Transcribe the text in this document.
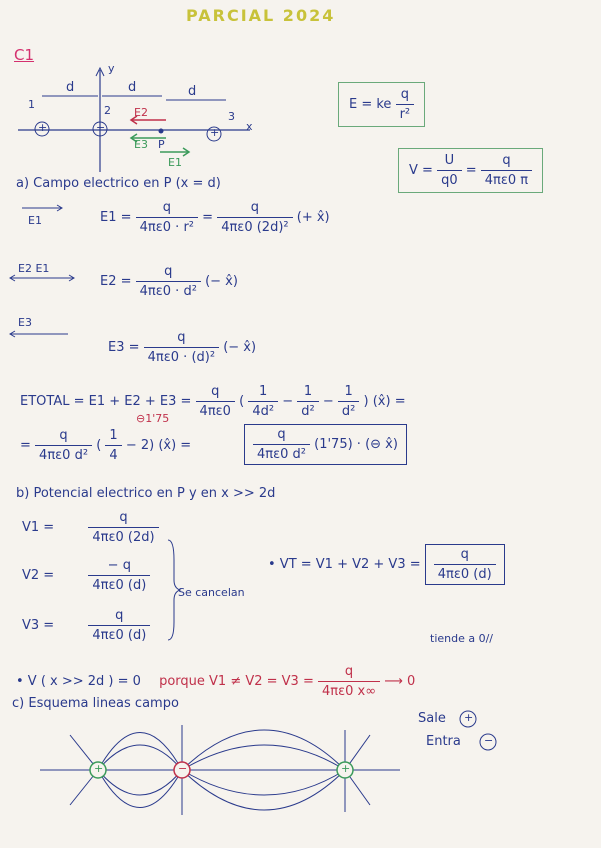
PARCIAL 2024
C1
y
x
d	d	d
1	2	3
+	−	+
E2
E3 P
E1
E = ke $\frac{q}{\text{r²}}$
$V = \frac{U}{q0} = \frac{q}{4\pi\varepsilon 0 \pi}$
a) Campo electrico en P (x = d)
E1	$E1 = \frac{q}{\text{4πε0 · r²}} = \frac{q}{\text{4πε0 (2d)²}}$ (+ x̂)
E2 E1
$E2 = \frac{q}{\text{4πε0 · d²}}$ (− x̂)
E3
$E3 = \frac{q}{\text{4πε0 · (d)²}}$ (− x̂)
ETOTAL = $E1 + E2 + E3 = \frac{q}{4\pi\varepsilon 0}$ ( $\frac{1}{\text{4d²}} - \frac{1}{\text{d²}} - \frac{1}{\text{d²}}$ ) (x̂) =
⊖1'75
= $\frac{q}{\text{4πε0 d²}}$ ( $\frac{1}{4} - 2$) (x̂) =	$\frac{q}{\text{4πε0 d²}} (1'75)$ · (⊖ x̂)
b) Potencial electrico en P y en x >> 2d
V1 =	$\frac{q}{4\pi\varepsilon 0 (2d)}$
V2 =	$\frac{- q}{4\pi\varepsilon 0 (d)}$
V3 =	$\frac{q}{4\pi\varepsilon 0 (d)}$
Se cancelan
• VT = $V1 + V2 + V3 = \frac{q}{4\pi\varepsilon 0 (d)}$
tiende a 0//
• V ( x >> 2d ) = 0 porque $V1 \ne V2 = V3 = \frac{q}{4\pi\varepsilon 0 x\infty}$ ⟶ 0
c) Esquema lineas campo
Sale +
Entra −
+	−	+
